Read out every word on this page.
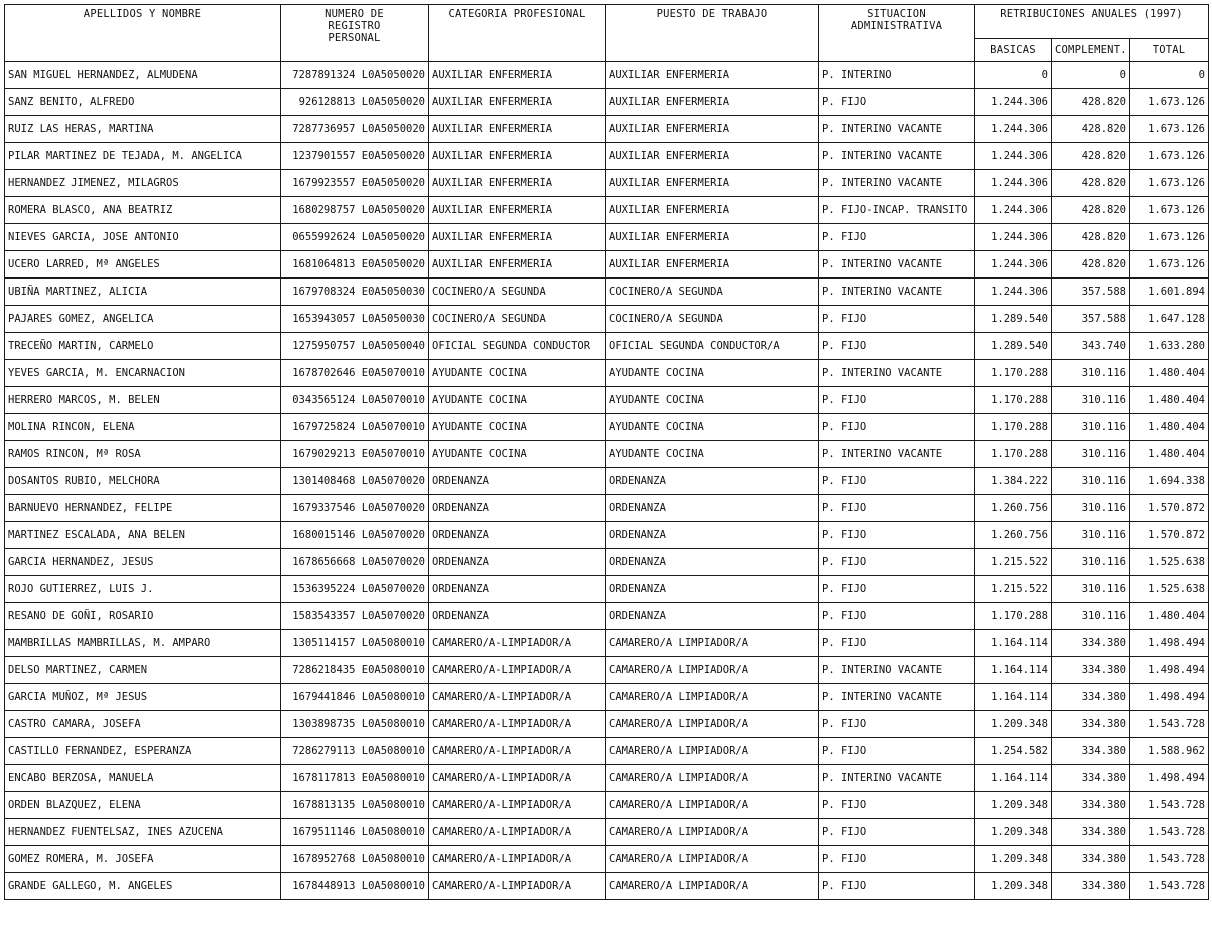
APELLIDOS Y NOMBRE	NUMERO DE
REGISTRO
PERSONAL	CATEGORIA PROFESIONAL	PUESTO DE TRABAJO	SITUACION
ADMINISTRATIVA	RETRIBUCIONES ANUALES (1997)		
					BASICAS	COMPLEMENT.	TOTAL
SAN MIGUEL HERNANDEZ, ALMUDENA	7287891324 L0A5050020	AUXILIAR ENFERMERIA	AUXILIAR ENFERMERIA	P. INTERINO	0	0	0
SANZ BENITO, ALFREDO	926128813 L0A5050020	AUXILIAR ENFERMERIA	AUXILIAR ENFERMERIA	P. FIJO	1.244.306	428.820	1.673.126
RUIZ LAS HERAS, MARTINA	7287736957 L0A5050020	AUXILIAR ENFERMERIA	AUXILIAR ENFERMERIA	P. INTERINO VACANTE	1.244.306	428.820	1.673.126
PILAR MARTINEZ DE TEJADA, M. ANGELICA	1237901557 E0A5050020	AUXILIAR ENFERMERIA	AUXILIAR ENFERMERIA	P. INTERINO VACANTE	1.244.306	428.820	1.673.126
HERNANDEZ JIMENEZ, MILAGROS	1679923557 E0A5050020	AUXILIAR ENFERMERIA	AUXILIAR ENFERMERIA	P. INTERINO VACANTE	1.244.306	428.820	1.673.126
ROMERA BLASCO, ANA BEATRIZ	1680298757 L0A5050020	AUXILIAR ENFERMERIA	AUXILIAR ENFERMERIA	P. FIJO-INCAP. TRANSITO	1.244.306	428.820	1.673.126
NIEVES GARCIA, JOSE ANTONIO	0655992624 L0A5050020	AUXILIAR ENFERMERIA	AUXILIAR ENFERMERIA	P. FIJO	1.244.306	428.820	1.673.126
UCERO LARRED, Mª ANGELES	1681064813 E0A5050020	AUXILIAR ENFERMERIA	AUXILIAR ENFERMERIA	P. INTERINO VACANTE	1.244.306	428.820	1.673.126
UBIÑA MARTINEZ, ALICIA	1679708324 E0A5050030	COCINERO/A SEGUNDA	COCINERO/A SEGUNDA	P. INTERINO VACANTE	1.244.306	357.588	1.601.894
PAJARES GOMEZ, ANGELICA	1653943057 L0A5050030	COCINERO/A SEGUNDA	COCINERO/A SEGUNDA	P. FIJO	1.289.540	357.588	1.647.128
TRECEÑO MARTIN, CARMELO	1275950757 L0A5050040	OFICIAL SEGUNDA CONDUCTOR	OFICIAL SEGUNDA CONDUCTOR/A	P. FIJO	1.289.540	343.740	1.633.280
YEVES GARCIA, M. ENCARNACION	1678702646 E0A5070010	AYUDANTE COCINA	AYUDANTE COCINA	P. INTERINO VACANTE	1.170.288	310.116	1.480.404
HERRERO MARCOS, M. BELEN	0343565124 L0A5070010	AYUDANTE COCINA	AYUDANTE COCINA	P. FIJO	1.170.288	310.116	1.480.404
MOLINA RINCON, ELENA	1679725824 L0A5070010	AYUDANTE COCINA	AYUDANTE COCINA	P. FIJO	1.170.288	310.116	1.480.404
RAMOS RINCON, Mª ROSA	1679029213 E0A5070010	AYUDANTE COCINA	AYUDANTE COCINA	P. INTERINO VACANTE	1.170.288	310.116	1.480.404
DOSANTOS RUBIO, MELCHORA	1301408468 L0A5070020	ORDENANZA	ORDENANZA	P. FIJO	1.384.222	310.116	1.694.338
BARNUEVO HERNANDEZ, FELIPE	1679337546 L0A5070020	ORDENANZA	ORDENANZA	P. FIJO	1.260.756	310.116	1.570.872
MARTINEZ ESCALADA, ANA BELEN	1680015146 L0A5070020	ORDENANZA	ORDENANZA	P. FIJO	1.260.756	310.116	1.570.872
GARCIA HERNANDEZ, JESUS	1678656668 L0A5070020	ORDENANZA	ORDENANZA	P. FIJO	1.215.522	310.116	1.525.638
ROJO GUTIERREZ, LUIS J.	1536395224 L0A5070020	ORDENANZA	ORDENANZA	P. FIJO	1.215.522	310.116	1.525.638
RESANO DE GOÑI, ROSARIO	1583543357 L0A5070020	ORDENANZA	ORDENANZA	P. FIJO	1.170.288	310.116	1.480.404
MAMBRILLAS MAMBRILLAS, M. AMPARO	1305114157 L0A5080010	CAMARERO/A-LIMPIADOR/A	CAMARERO/A LIMPIADOR/A	P. FIJO	1.164.114	334.380	1.498.494
DELSO MARTINEZ, CARMEN	7286218435 E0A5080010	CAMARERO/A-LIMPIADOR/A	CAMARERO/A LIMPIADOR/A	P. INTERINO VACANTE	1.164.114	334.380	1.498.494
GARCIA MUÑOZ, Mª JESUS	1679441846 L0A5080010	CAMARERO/A-LIMPIADOR/A	CAMARERO/A LIMPIADOR/A	P. INTERINO VACANTE	1.164.114	334.380	1.498.494
CASTRO CAMARA, JOSEFA	1303898735 L0A5080010	CAMARERO/A-LIMPIADOR/A	CAMARERO/A LIMPIADOR/A	P. FIJO	1.209.348	334.380	1.543.728
CASTILLO FERNANDEZ, ESPERANZA	7286279113 L0A5080010	CAMARERO/A-LIMPIADOR/A	CAMARERO/A LIMPIADOR/A	P. FIJO	1.254.582	334.380	1.588.962
ENCABO BERZOSA, MANUELA	1678117813 E0A5080010	CAMARERO/A-LIMPIADOR/A	CAMARERO/A LIMPIADOR/A	P. INTERINO VACANTE	1.164.114	334.380	1.498.494
ORDEN BLAZQUEZ, ELENA	1678813135 L0A5080010	CAMARERO/A-LIMPIADOR/A	CAMARERO/A LIMPIADOR/A	P. FIJO	1.209.348	334.380	1.543.728
HERNANDEZ FUENTELSAZ, INES AZUCENA	1679511146 L0A5080010	CAMARERO/A-LIMPIADOR/A	CAMARERO/A LIMPIADOR/A	P. FIJO	1.209.348	334.380	1.543.728
GOMEZ ROMERA, M. JOSEFA	1678952768 L0A5080010	CAMARERO/A-LIMPIADOR/A	CAMARERO/A LIMPIADOR/A	P. FIJO	1.209.348	334.380	1.543.728
GRANDE GALLEGO, M. ANGELES	1678448913 L0A5080010	CAMARERO/A-LIMPIADOR/A	CAMARERO/A LIMPIADOR/A	P. FIJO	1.209.348	334.380	1.543.728
